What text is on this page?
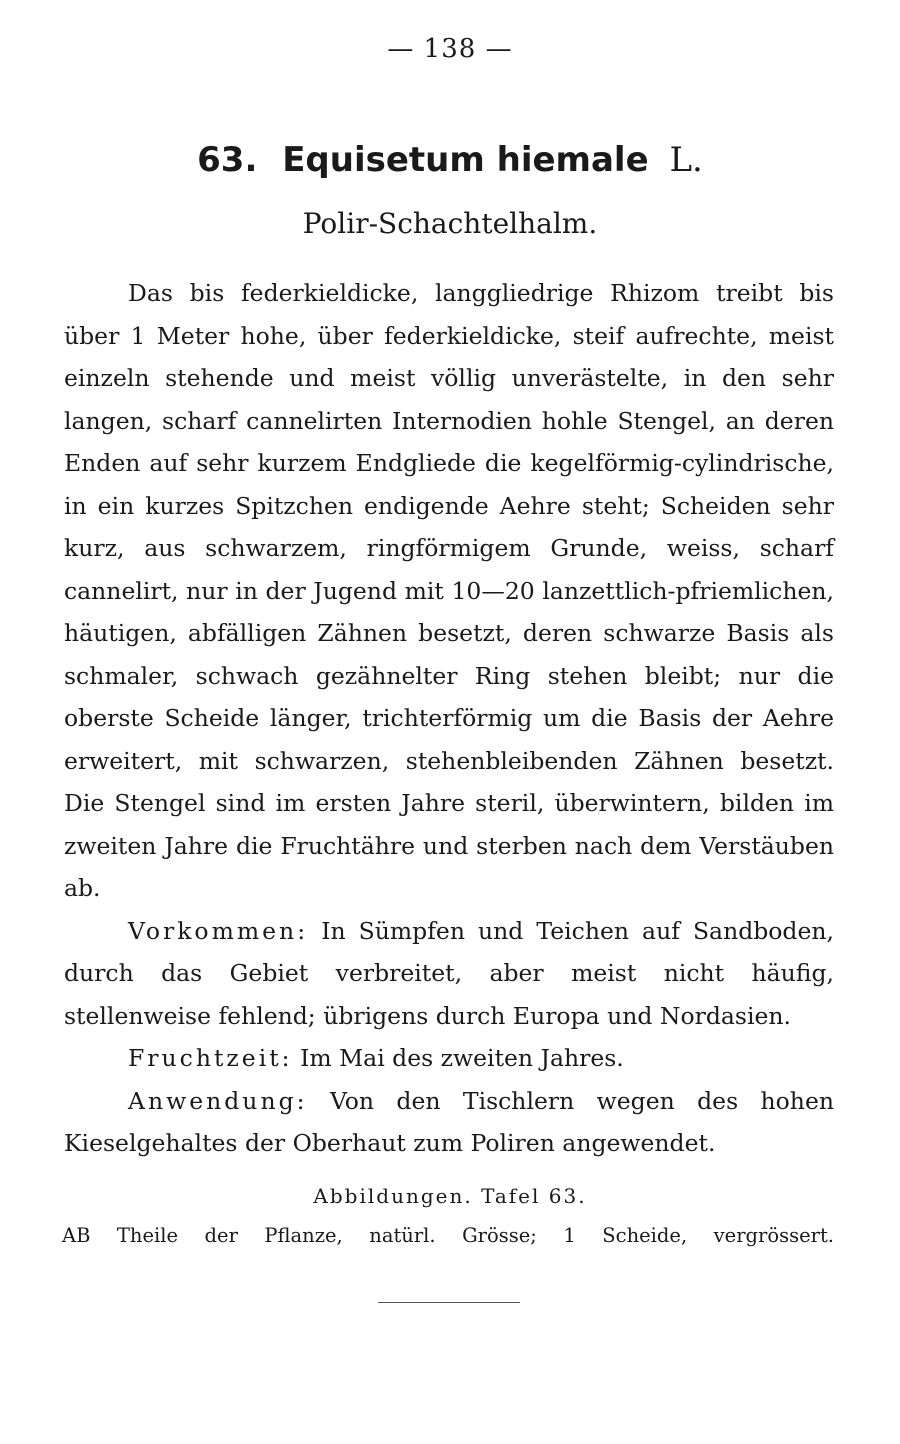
— 138 —
63. Equisetum hiemale L.
Polir-Schachtelhalm.

Das bis federkieldicke, langgliedrige Rhizom treibt bis über 1 Meter hohe, über federkieldicke, steif aufrechte, meist einzeln stehende und meist völlig unverästelte, in den sehr langen, scharf cannelirten Internodien hohle Stengel, an deren Enden auf sehr kurzem Endgliede die kegelförmig-cylindrische, in ein kurzes Spitzchen endigende Aehre steht; Scheiden sehr kurz, aus schwarzem, ringförmigem Grunde, weiss, scharf cannelirt, nur in der Jugend mit 10—20 lanzettlich-pfriemlichen, häutigen, abfälligen Zähnen besetzt, deren schwarze Basis als schmaler, schwach gezähnelter Ring stehen bleibt; nur die oberste Scheide länger, trichterförmig um die Basis der Aehre erweitert, mit schwarzen, stehenbleibenden Zähnen besetzt. Die Stengel sind im ersten Jahre steril, überwintern, bilden im zweiten Jahre die Fruchtähre und sterben nach dem Verstäuben ab.

Vorkommen: In Sümpfen und Teichen auf Sandboden, durch das Gebiet verbreitet, aber meist nicht häufig, stellenweise fehlend; übrigens durch Europa und Nordasien.

Fruchtzeit: Im Mai des zweiten Jahres.

Anwendung: Von den Tischlern wegen des hohen Kieselgehaltes der Oberhaut zum Poliren angewendet.

Abbildungen. Tafel 63.
AB Theile der Pflanze, natürl. Grösse; 1 Scheide, vergrössert.
